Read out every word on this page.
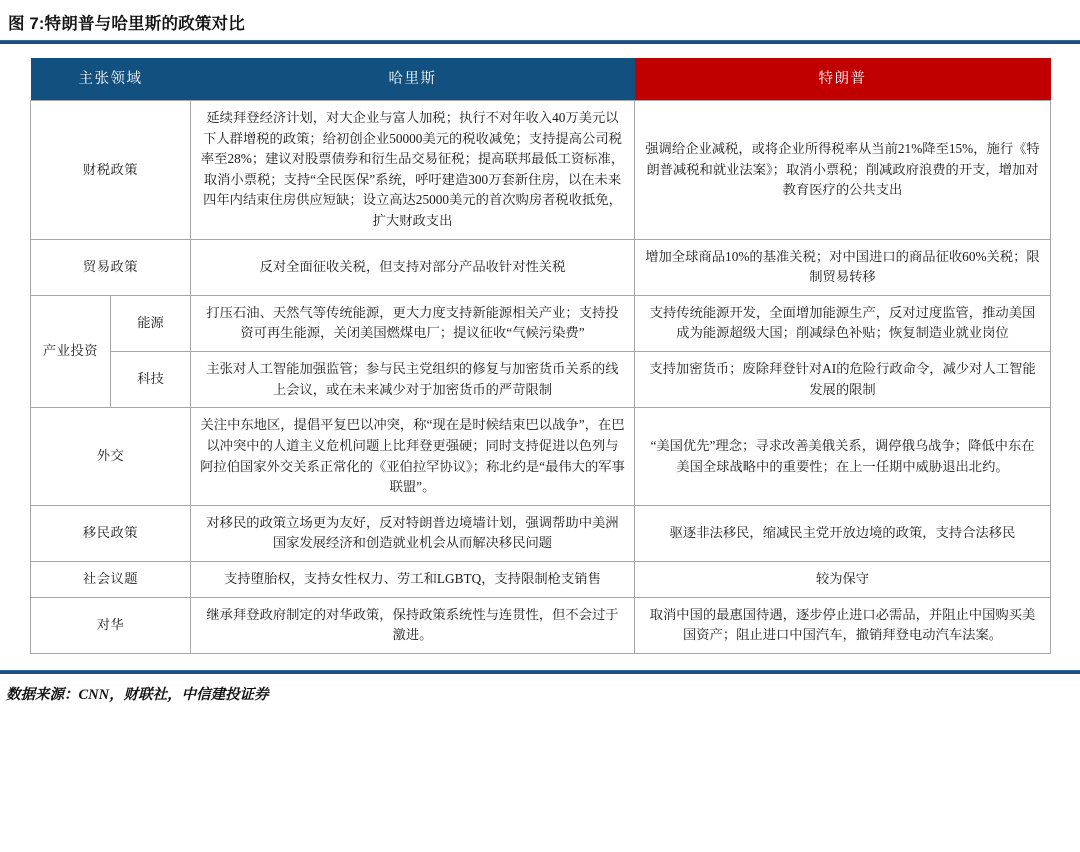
图 7:特朗普与哈里斯的政策对比
主张领域		哈里斯	特朗普
财税政策		延续拜登经济计划，对大企业与富人加税；执行不对年收入40万美元以下人群增税的政策；给初创企业50000美元的税收减免；支持提高公司税率至28%；建议对股票债券和衍生品交易征税；提高联邦最低工资标准，取消小票税；支持“全民医保”系统，呼吁建造300万套新住房，以在未来四年内结束住房供应短缺；设立高达25000美元的首次购房者税收抵免，扩大财政支出	强调给企业减税，或将企业所得税率从当前21%降至15%，施行《特朗普减税和就业法案》；取消小票税；削减政府浪费的开支，增加对教育医疗的公共支出
贸易政策		反对全面征收关税，但支持对部分产品收针对性关税	增加全球商品10%的基准关税；对中国进口的商品征收60%关税；限制贸易转移
产业投资	能源	打压石油、天然气等传统能源，更大力度支持新能源相关产业；支持投资可再生能源，关闭美国燃煤电厂；提议征收“气候污染费”	支持传统能源开发，全面增加能源生产，反对过度监管，推动美国成为能源超级大国；削减绿色补贴；恢复制造业就业岗位
	科技	主张对人工智能加强监管；参与民主党组织的修复与加密货币关系的线上会议，或在未来减少对于加密货币的严苛限制	支持加密货币；废除拜登针对AI的危险行政命令，减少对人工智能发展的限制
外交		关注中东地区，提倡平复巴以冲突，称“现在是时候结束巴以战争”，在巴以冲突中的人道主义危机问题上比拜登更强硬；同时支持促进以色列与阿拉伯国家外交关系正常化的《亚伯拉罕协议》；称北约是“最伟大的军事联盟”。	“美国优先”理念；寻求改善美俄关系，调停俄乌战争；降低中东在美国全球战略中的重要性；在上一任期中威胁退出北约。
移民政策		对移民的政策立场更为友好，反对特朗普边境墙计划，强调帮助中美洲国家发展经济和创造就业机会从而解决移民问题	驱逐非法移民，缩减民主党开放边境的政策，支持合法移民
社会议题		支持堕胎权，支持女性权力、劳工和LGBTQ，支持限制枪支销售	较为保守
对华		继承拜登政府制定的对华政策，保持政策系统性与连贯性，但不会过于激进。	取消中国的最惠国待遇，逐步停止进口必需品，并阻止中国购买美国资产；阻止进口中国汽车，撤销拜登电动汽车法案。
数据来源：CNN，财联社，中信建投证券
